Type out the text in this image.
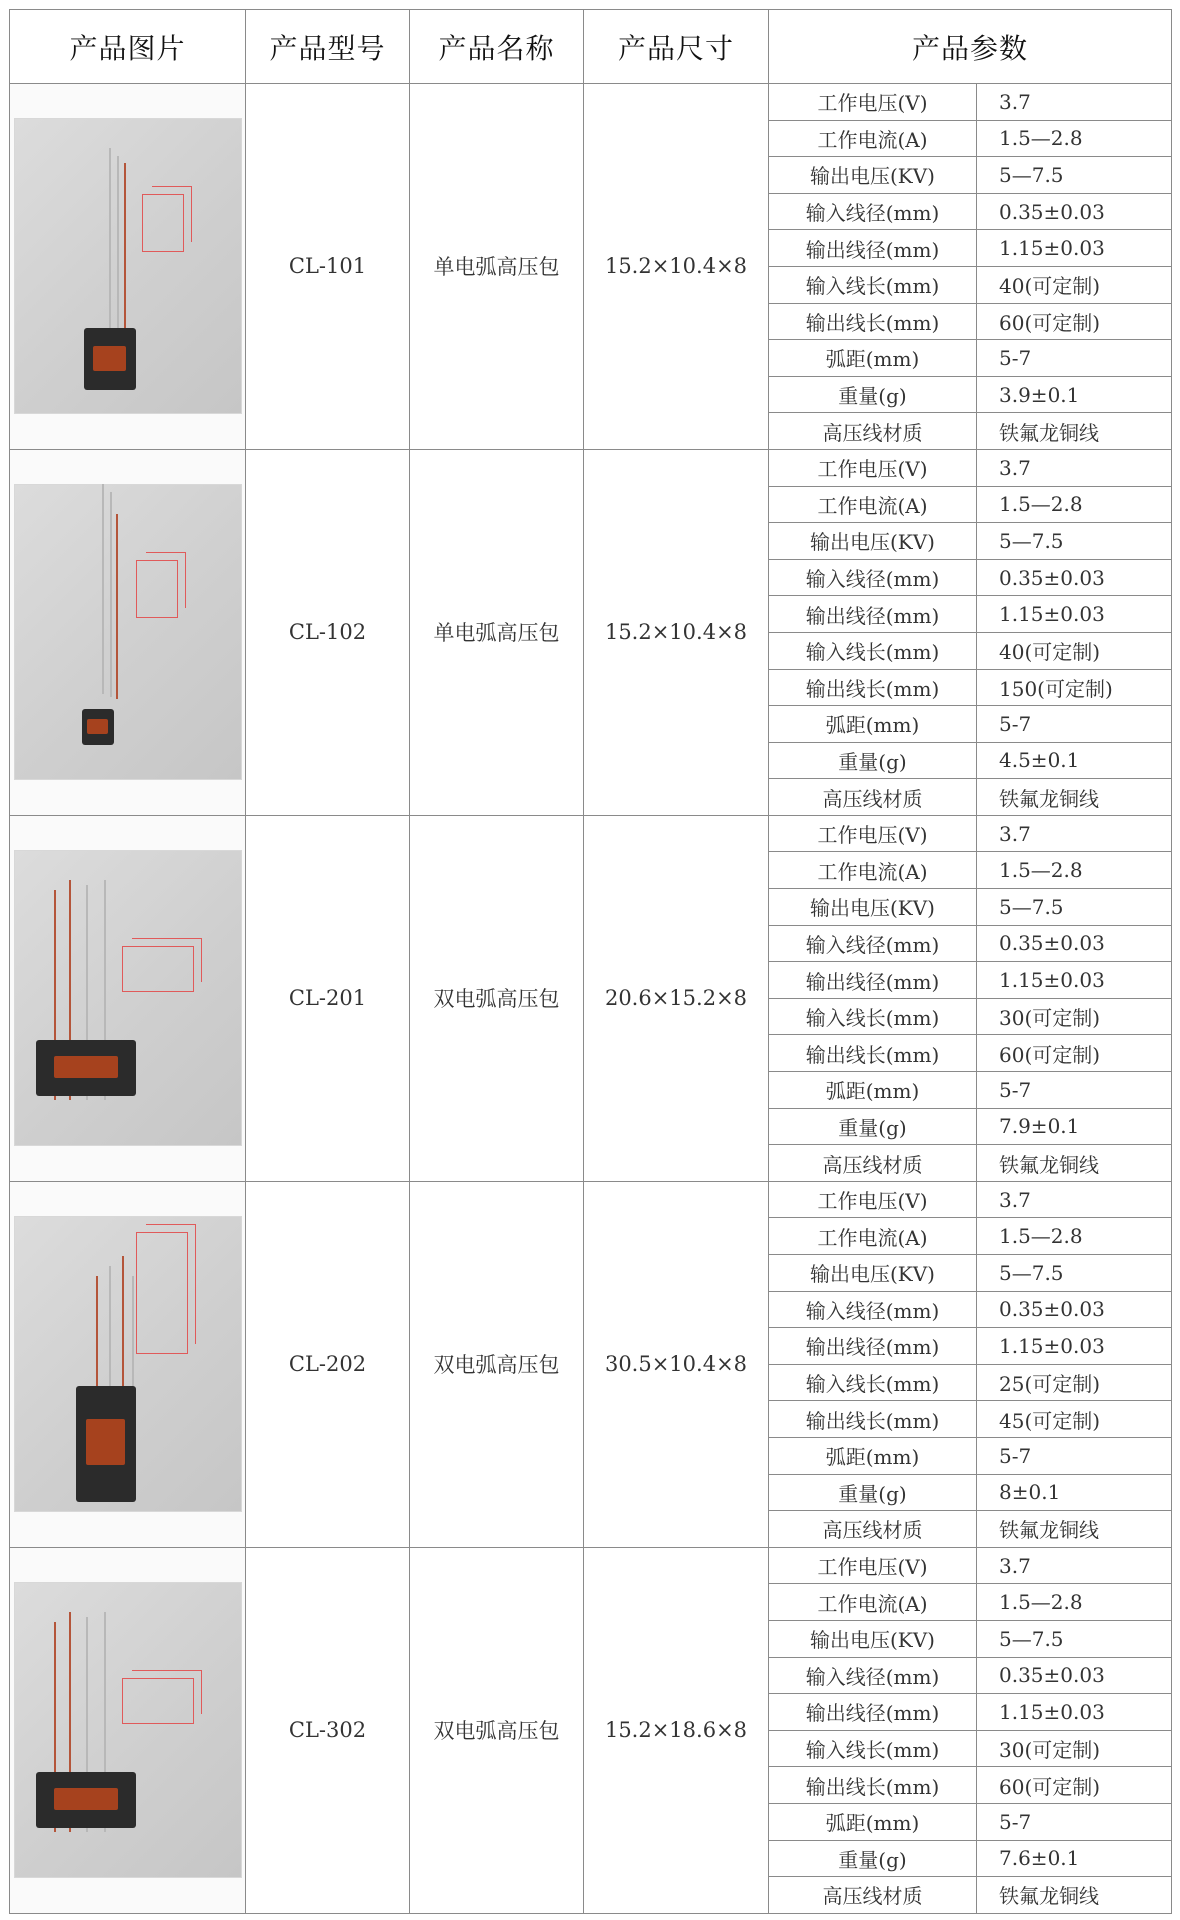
产品图片	产品型号	产品名称	产品尺寸	产品参数	

	CL-101	单电弧高压包	15.2×10.4×8	工作电压(V)	3.7
				工作电流(A)	1.5—2.8
				输出电压(KV)	5—7.5
				输入线径(mm)	0.35±0.03
				输出线径(mm)	1.15±0.03
				输入线长(mm)	40(可定制)
				输出线长(mm)	60(可定制)
				弧距(mm)	5-7
				重量(g)	3.9±0.1
				高压线材质	铁氟龙铜线

	CL-102	单电弧高压包	15.2×10.4×8	工作电压(V)	3.7
				工作电流(A)	1.5—2.8
				输出电压(KV)	5—7.5
				输入线径(mm)	0.35±0.03
				输出线径(mm)	1.15±0.03
				输入线长(mm)	40(可定制)
				输出线长(mm)	150(可定制)
				弧距(mm)	5-7
				重量(g)	4.5±0.1
				高压线材质	铁氟龙铜线

	CL-201	双电弧高压包	20.6×15.2×8	工作电压(V)	3.7
				工作电流(A)	1.5—2.8
				输出电压(KV)	5—7.5
				输入线径(mm)	0.35±0.03
				输出线径(mm)	1.15±0.03
				输入线长(mm)	30(可定制)
				输出线长(mm)	60(可定制)
				弧距(mm)	5-7
				重量(g)	7.9±0.1
				高压线材质	铁氟龙铜线

	CL-202	双电弧高压包	30.5×10.4×8	工作电压(V)	3.7
				工作电流(A)	1.5—2.8
				输出电压(KV)	5—7.5
				输入线径(mm)	0.35±0.03
				输出线径(mm)	1.15±0.03
				输入线长(mm)	25(可定制)
				输出线长(mm)	45(可定制)
				弧距(mm)	5-7
				重量(g)	8±0.1
				高压线材质	铁氟龙铜线

	CL-302	双电弧高压包	15.2×18.6×8	工作电压(V)	3.7
				工作电流(A)	1.5—2.8
				输出电压(KV)	5—7.5
				输入线径(mm)	0.35±0.03
				输出线径(mm)	1.15±0.03
				输入线长(mm)	30(可定制)
				输出线长(mm)	60(可定制)
				弧距(mm)	5-7
				重量(g)	7.6±0.1
				高压线材质	铁氟龙铜线
